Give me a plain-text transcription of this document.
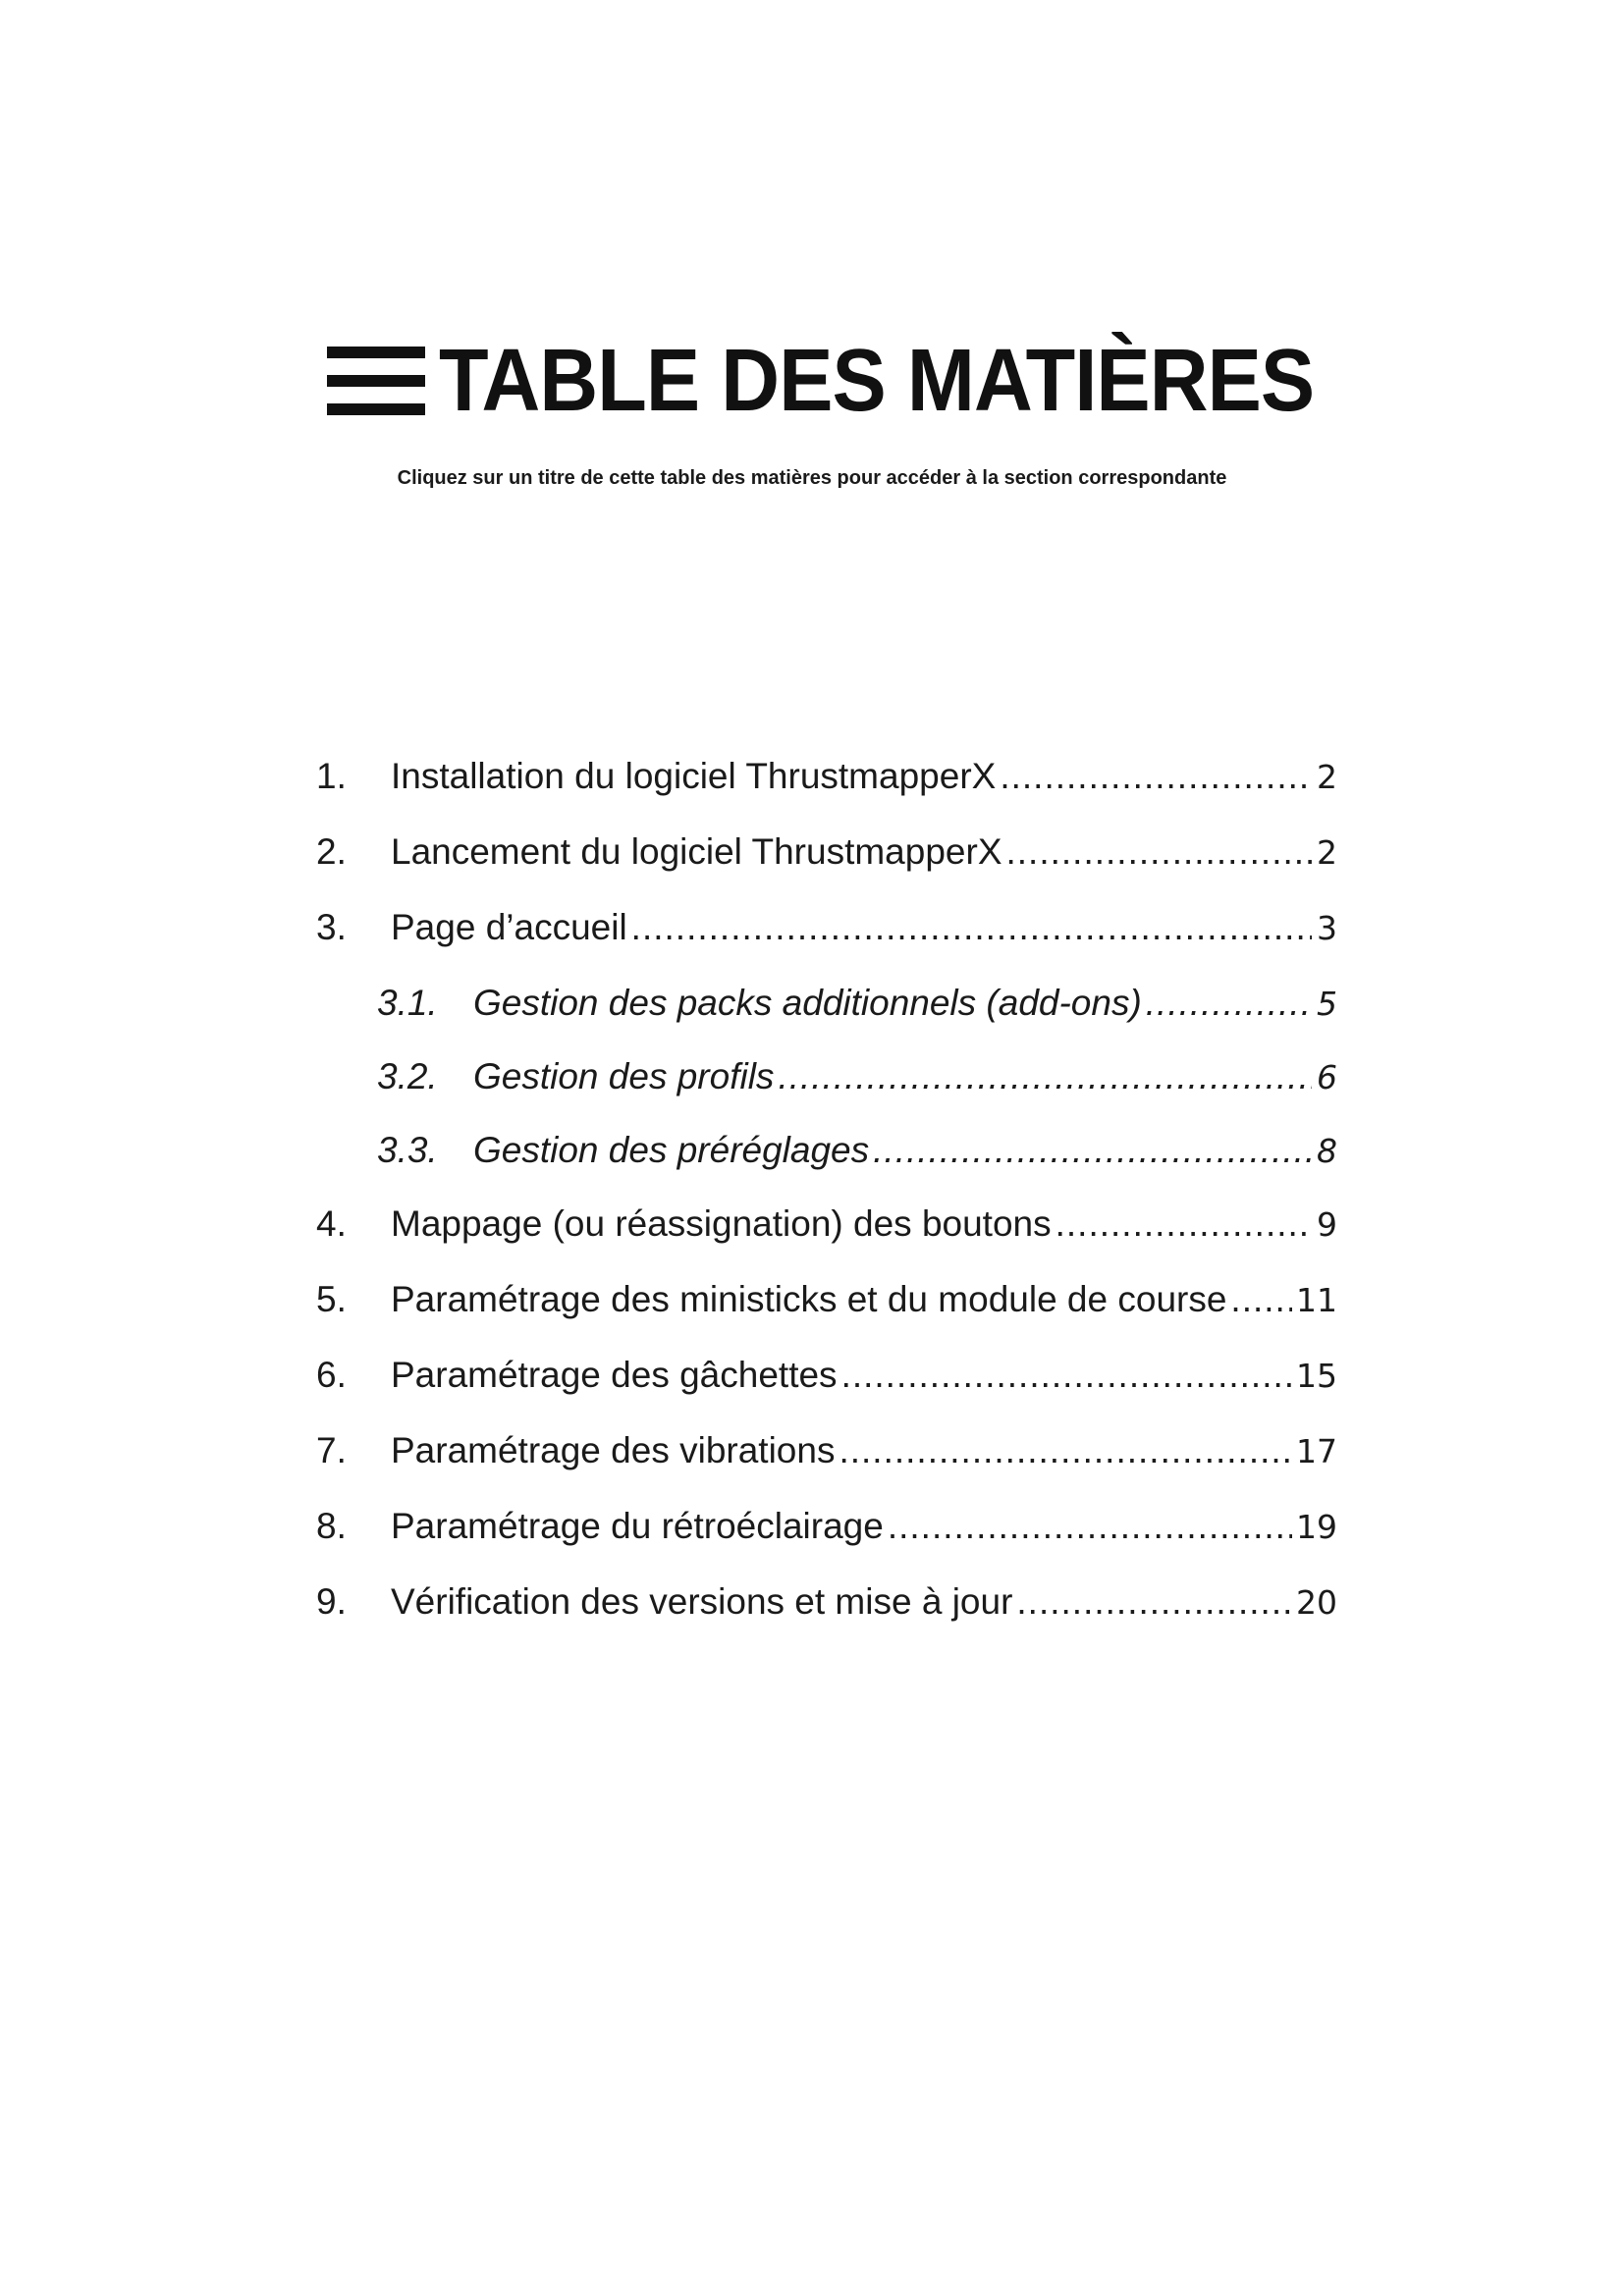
TABLE DES MATIÈRES
Cliquez sur un titre de cette table des matières pour accéder à la section correspondante
1.	Installation du logiciel ThrustmapperX .....	2
2.	Lancement du logiciel ThrustmapperX .....	2
3.	Page d’accueil .....	3
3.1. Gestion des packs additionnels (add-ons) .....	5
3.2. Gestion des profils .....	6
3.3. Gestion des préréglages .....	8
4.	Mappage (ou réassignation) des boutons .....	9
5.	Paramétrage des ministicks et du module de course ..... 11
6.	Paramétrage des gâchettes .....	15
7.	Paramétrage des vibrations .....	17
8.	Paramétrage du rétroéclairage .....	19
9.	Vérification des versions et mise à jour .....	20
